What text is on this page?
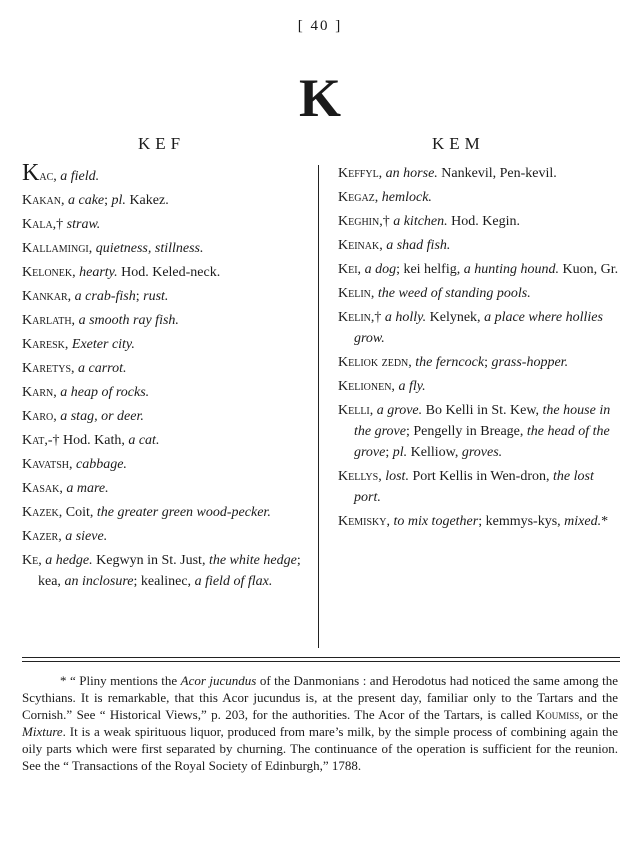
[ 40 ]
K
KEF	KEM
Kac, a field.
Kakan, a cake; pl. Kakez.
Kala,† straw.
Kallamingi, quietness, stillness.
Kelonek, hearty. Hod. Keled-neck.
Kankar, a crab-fish; rust.
Karlath, a smooth ray fish.
Karesk, Exeter city.
Karetys, a carrot.
Karn, a heap of rocks.
Karo, a stag, or deer.
Kat,-† Hod. Kath, a cat.
Kavatsh, cabbage.
Kasak, a mare.
Kazek, Coit, the greater green wood-pecker.
Kazer, a sieve.
Ke, a hedge. Kegwyn in St. Just, the white hedge; kea, an inclosure; kealinec, a field of flax.
Keffyl, an horse. Nankevil, Pen-kevil.
Kegaz, hemlock.
Keghin,† a kitchen. Hod. Kegin.
Keinak, a shad fish.
Kei, a dog; kei helfig, a hunting hound. Kuon, Gr.
Kelin, the weed of standing pools.
Kelin,† a holly. Kelynek, a place where hollies grow.
Keliok zedn, the ferncock; grass-hopper.
Kelionen, a fly.
Kelli, a grove. Bo Kelli in St. Kew, the house in the grove; Pengelly in Breage, the head of the grove; pl. Kelliow, groves.
Kellys, lost. Port Kellis in Wen-dron, the lost port.
Kemisky, to mix together; kemmys-kys, mixed.*
* “ Pliny mentions the Acor jucundus of the Danmonians : and Herodotus had noticed the same among the Scythians. It is remarkable, that this Acor jucundus is, at the present day, familiar only to the Tartars and the Cornish.” See “ Historical Views,” p. 203, for the authorities. The Acor of the Tartars, is called Koumiss, or the Mixture. It is a weak spirituous liquor, produced from mare’s milk, by the simple process of combining again the oily parts which were first separated by churning. The continuance of the operation is sufficient for the reunion. See the “ Transactions of the Royal Society of Edinburgh,” 1788.
